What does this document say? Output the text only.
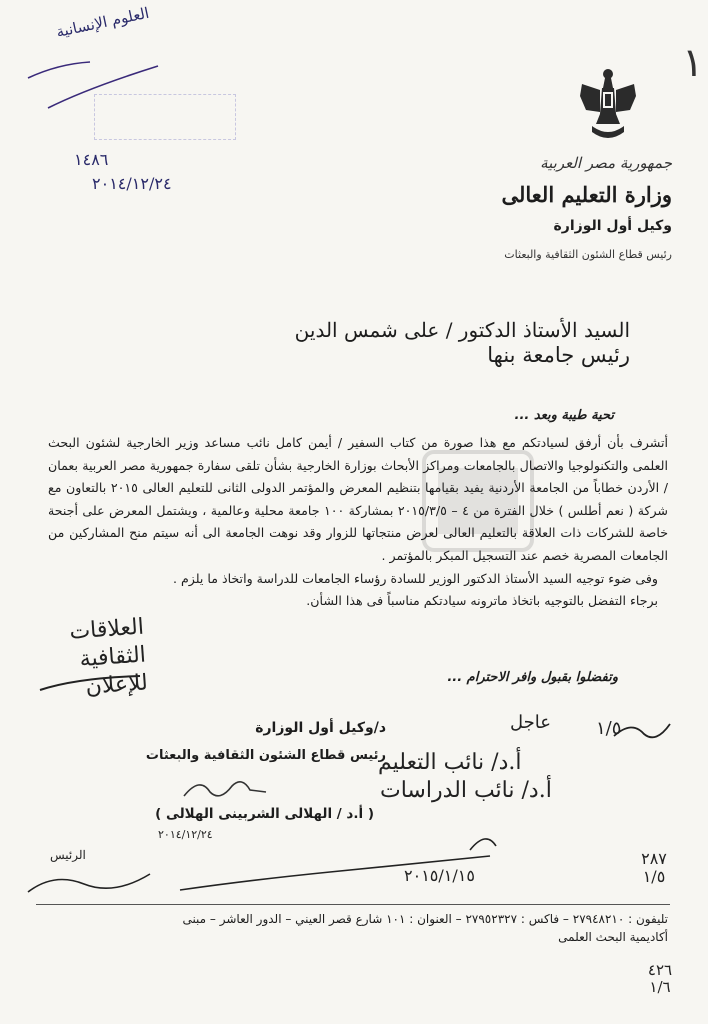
١
جمهورية مصر العربية
وزارة التعليم العالى
وكيل أول الوزارة
رئيس قطاع الشئون الثقافية والبعثات
العلوم الإنسانية
١٤٨٦
٢٠١٤/١٢/٢٤
السيد الأستاذ الدكتور / على شمس الدين
رئيس جامعة بنها
تحية طيبة وبعد ...

أتشرف بأن أرفق لسيادتكم مع هذا صورة من كتاب السفير / أيمن كامل نائب مساعد وزير الخارجية لشئون البحث العلمى والتكنولوجيا والاتصال بالجامعات ومراكز الأبحاث بوزارة الخارجية بشأن تلقى سفارة جمهورية مصر العربية بعمان / الأردن خطاباً من الجامعة الأردنية يفيد بقيامها بتنظيم المعرض والمؤتمر الدولى الثانى للتعليم العالى ٢٠١٥ بالتعاون مع شركة ( نعم أطلس ) خلال الفترة من ٤ – ٢٠١٥/٣/٥ بمشاركة ١٠٠ جامعة محلية وعالمية ، ويشتمل المعرض على أجنحة خاصة للشركات ذات العلاقة بالتعليم العالى لعرض منتجاتها للزوار وقد نوهت الجامعة الى أنه سيتم منح المشاركين من الجامعات المصرية خصم عند التسجيل المبكر بالمؤتمر .

وفى ضوء توجيه السيد الأستاذ الدكتور الوزير للسادة رؤساء الجامعات للدراسة واتخاذ ما يلزم .

برجاء التفضل بالتوجيه باتخاذ ماترونه سيادتكم مناسباً فى هذا الشأن.

وتفضلوا بقبول وافر الاحترام ...
العلاقات الثقافية للإعلان
د/وكيل أول الوزارة
رئيس قطاع الشئون الثقافية والبعثات
( أ.د / الهلالى الشربينى الهلالى )
٢٠١٤/١٢/٢٤
عاجل	١/٥
أ.د/ نائب التعليم
أ.د/ نائب الدراسات
الرئيس
٢٠١٥/١/١٥
٢٨٧ ١/٥
تليفون : ٢٧٩٤٨٢١٠ – فاكس : ٢٧٩٥٢٣٢٧ – العنوان : ١٠١ شارع قصر العيني – الدور العاشر – مبنى
أكاديمية البحث العلمى
٤٢٦ ١/٦
